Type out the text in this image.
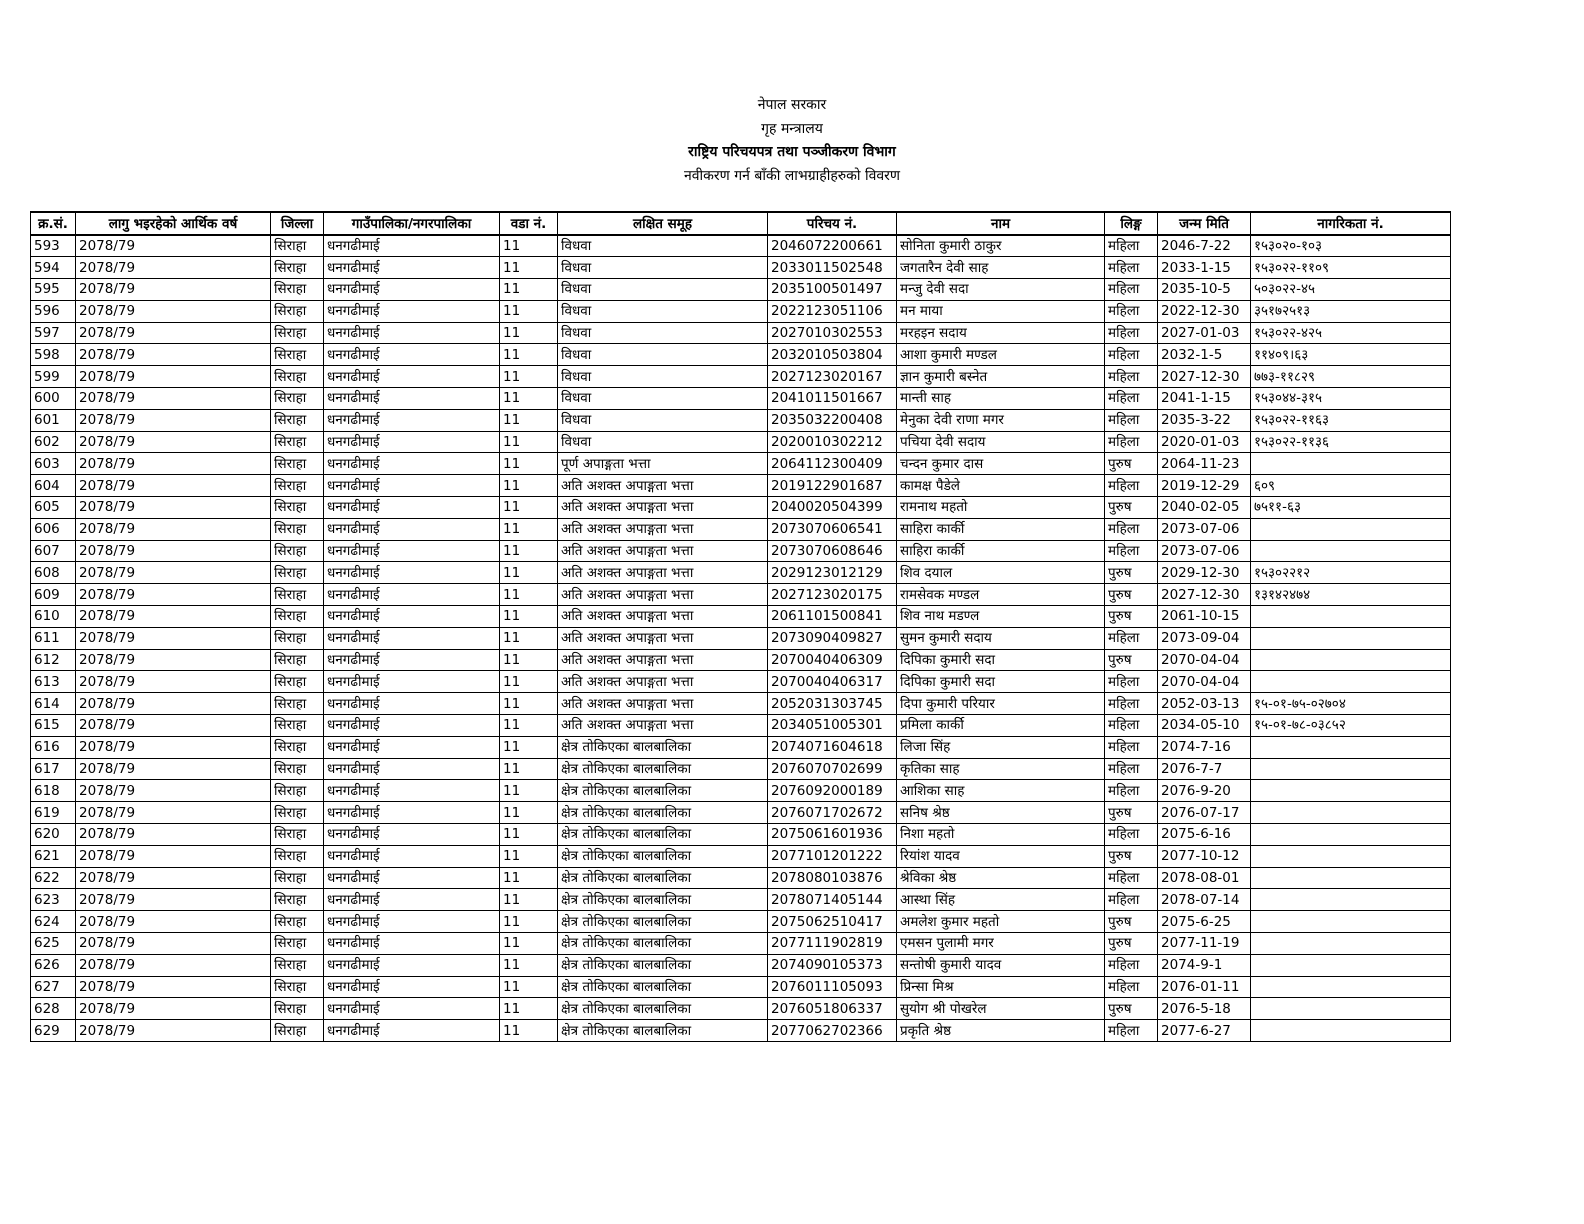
नेपाल सरकार
गृह मन्त्रालय
राष्ट्रिय परिचयपत्र तथा पञ्जीकरण विभाग
नवीकरण गर्न बाँकी लाभग्राहीहरुको विवरण
क्र.सं.	लागु भइरहेको आर्थिक वर्ष	जिल्ला	गाउँपालिका/नगरपालिका	वडा नं.	लक्षित समूह	परिचय नं.	नाम	लिङ्ग	जन्म मिति	नागरिकता नं.
593	2078/79	सिराहा	धनगढीमाई	11	विधवा	2046072200661	सोनिता कुमारी ठाकुर	महिला	2046-7-22	१५३०२०-१०३
594	2078/79	सिराहा	धनगढीमाई	11	विधवा	2033011502548	जगतारैन देवी साह	महिला	2033-1-15	१५३०२२-११०९
595	2078/79	सिराहा	धनगढीमाई	11	विधवा	2035100501497	मन्जु देवी सदा	महिला	2035-10-5	५०३०२२-४५
596	2078/79	सिराहा	धनगढीमाई	11	विधवा	2022123051106	मन माया	महिला	2022-12-30	३५१७२५१३
597	2078/79	सिराहा	धनगढीमाई	11	विधवा	2027010302553	मरहइन सदाय	महिला	2027-01-03	१५३०२२-४२५
598	2078/79	सिराहा	धनगढीमाई	11	विधवा	2032010503804	आशा कुमारी मण्डल	महिला	2032-1-5	११४०९।६३
599	2078/79	सिराहा	धनगढीमाई	11	विधवा	2027123020167	ज्ञान कुमारी बस्नेत	महिला	2027-12-30	७७३-११८२९
600	2078/79	सिराहा	धनगढीमाई	11	विधवा	2041011501667	मान्ती साह	महिला	2041-1-15	१५३०४४-३१५
601	2078/79	सिराहा	धनगढीमाई	11	विधवा	2035032200408	मेनुका देवी राणा मगर	महिला	2035-3-22	१५३०२२-११६३
602	2078/79	सिराहा	धनगढीमाई	11	विधवा	2020010302212	पचिया देवी सदाय	महिला	2020-01-03	१५३०२२-११३६
603	2078/79	सिराहा	धनगढीमाई	11	पूर्ण अपाङ्गता भत्ता	2064112300409	चन्दन कुमार दास	पुरुष	2064-11-23	
604	2078/79	सिराहा	धनगढीमाई	11	अति अशक्त अपाङ्गता भत्ता	2019122901687	कामक्ष पैडेले	महिला	2019-12-29	६०९
605	2078/79	सिराहा	धनगढीमाई	11	अति अशक्त अपाङ्गता भत्ता	2040020504399	रामनाथ महतो	पुरुष	2040-02-05	७५११-६३
606	2078/79	सिराहा	धनगढीमाई	11	अति अशक्त अपाङ्गता भत्ता	2073070606541	साहिरा कार्की	महिला	2073-07-06	
607	2078/79	सिराहा	धनगढीमाई	11	अति अशक्त अपाङ्गता भत्ता	2073070608646	साहिरा कार्की	महिला	2073-07-06	
608	2078/79	सिराहा	धनगढीमाई	11	अति अशक्त अपाङ्गता भत्ता	2029123012129	शिव दयाल	पुरुष	2029-12-30	१५३०२२१२
609	2078/79	सिराहा	धनगढीमाई	11	अति अशक्त अपाङ्गता भत्ता	2027123020175	रामसेवक मण्डल	पुरुष	2027-12-30	१३१४२४७४
610	2078/79	सिराहा	धनगढीमाई	11	अति अशक्त अपाङ्गता भत्ता	2061101500841	शिव नाथ मडण्ल	पुरुष	2061-10-15	
611	2078/79	सिराहा	धनगढीमाई	11	अति अशक्त अपाङ्गता भत्ता	2073090409827	सुमन कुमारी सदाय	महिला	2073-09-04	
612	2078/79	सिराहा	धनगढीमाई	11	अति अशक्त अपाङ्गता भत्ता	2070040406309	दिपिका कुमारी सदा	पुरुष	2070-04-04	
613	2078/79	सिराहा	धनगढीमाई	11	अति अशक्त अपाङ्गता भत्ता	2070040406317	दिपिका कुमारी सदा	महिला	2070-04-04	
614	2078/79	सिराहा	धनगढीमाई	11	अति अशक्त अपाङ्गता भत्ता	2052031303745	दिपा कुमारी परियार	महिला	2052-03-13	१५-०१-७५-०२७०४
615	2078/79	सिराहा	धनगढीमाई	11	अति अशक्त अपाङ्गता भत्ता	2034051005301	प्रमिला कार्की	महिला	2034-05-10	१५-०१-७८-०३८५२
616	2078/79	सिराहा	धनगढीमाई	11	क्षेत्र तोकिएका बालबालिका	2074071604618	लिजा सिंह	महिला	2074-7-16	
617	2078/79	सिराहा	धनगढीमाई	11	क्षेत्र तोकिएका बालबालिका	2076070702699	कृतिका साह	महिला	2076-7-7	
618	2078/79	सिराहा	धनगढीमाई	11	क्षेत्र तोकिएका बालबालिका	2076092000189	आशिका साह	महिला	2076-9-20	
619	2078/79	सिराहा	धनगढीमाई	11	क्षेत्र तोकिएका बालबालिका	2076071702672	सनिष श्रेष्ठ	पुरुष	2076-07-17	
620	2078/79	सिराहा	धनगढीमाई	11	क्षेत्र तोकिएका बालबालिका	2075061601936	निशा महतो	महिला	2075-6-16	
621	2078/79	सिराहा	धनगढीमाई	11	क्षेत्र तोकिएका बालबालिका	2077101201222	रियांश यादव	पुरुष	2077-10-12	
622	2078/79	सिराहा	धनगढीमाई	11	क्षेत्र तोकिएका बालबालिका	2078080103876	श्रेविका श्रेष्ठ	महिला	2078-08-01	
623	2078/79	सिराहा	धनगढीमाई	11	क्षेत्र तोकिएका बालबालिका	2078071405144	आस्था सिंह	महिला	2078-07-14	
624	2078/79	सिराहा	धनगढीमाई	11	क्षेत्र तोकिएका बालबालिका	2075062510417	अमलेश कुमार महतो	पुरुष	2075-6-25	
625	2078/79	सिराहा	धनगढीमाई	11	क्षेत्र तोकिएका बालबालिका	2077111902819	एमसन पुलामी मगर	पुरुष	2077-11-19	
626	2078/79	सिराहा	धनगढीमाई	11	क्षेत्र तोकिएका बालबालिका	2074090105373	सन्तोषी कुमारी यादव	महिला	2074-9-1	
627	2078/79	सिराहा	धनगढीमाई	11	क्षेत्र तोकिएका बालबालिका	2076011105093	प्रिन्सा मिश्र	महिला	2076-01-11	
628	2078/79	सिराहा	धनगढीमाई	11	क्षेत्र तोकिएका बालबालिका	2076051806337	सुयोग श्री पोखरेल	पुरुष	2076-5-18	
629	2078/79	सिराहा	धनगढीमाई	11	क्षेत्र तोकिएका बालबालिका	2077062702366	प्रकृति श्रेष्ठ	महिला	2077-6-27	
